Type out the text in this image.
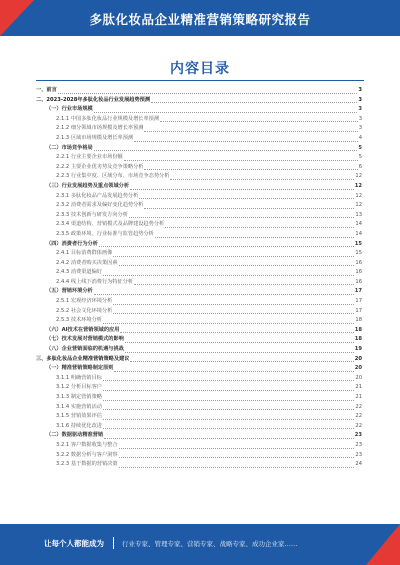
多肽化妆品企业精准营销策略研究报告
内容目录
一、前言	3
二、2023-2028年多肽化妆品行业发展趋势预测	3
（一）行业市场规模	3
2.1.1 中国多肽化妆品行业规模及增长率预测	3
2.1.2 细分领域市场规模及增长率预测	3
2.1.3 区域市场规模及增长率预测	4
（二）市场竞争格局	5
2.2.1 行业主要企业市场份额	5
2.2.2 主要企业优劣势及竞争策略分析	6
2.2.3 行业集中度、区域分布、市场竞争态势分析	12
（三）行业发展趋势及重点领域分析	12
2.3.1 多肽化妆品产品发展趋势分析	12
2.3.2 消费者需求及偏好变化趋势分析	12
2.3.3 技术创新与研发方向分析	13
2.3.4 渠道结构、营销模式及品牌建设趋势分析	14
2.3.5 政策环境、行业标准与监管趋势分析	14
（四）消费者行为分析	15
2.4.1 目标消费群体画像	15
2.4.2 消费者购买决策因素	16
2.4.3 消费渠道偏好	16
2.4.4 线上线下消费行为特征分析	16
（五）营销环境分析	17
2.5.1 宏观经济环境分析	17
2.5.2 社会文化环境分析	17
2.5.3 技术环境分析	18
（六）AI技术在营销领域的应用	18
（七）技术发展对营销模式的影响	18
（八）企业营销面临的机遇与挑战	19
三、多肽化妆品企业精准营销策略及建议	20
（一）精准营销策略制定原则	20
3.1.1 明确营销目标	20
3.1.2 分析目标客户	21
3.1.3 制定营销策略	21
3.1.4 实施营销活动	22
3.1.5 营销效果评估	22
3.1.6 持续优化改进	22
（二）数据驱动精准营销	23
3.2.1 客户数据收集与整合	23
3.2.2 数据分析与客户洞察	23
3.2.3 基于数据的营销决策	24
让每个人都能成为	行业专家、管理专家、营销专家、战略专家、成功企业家……
